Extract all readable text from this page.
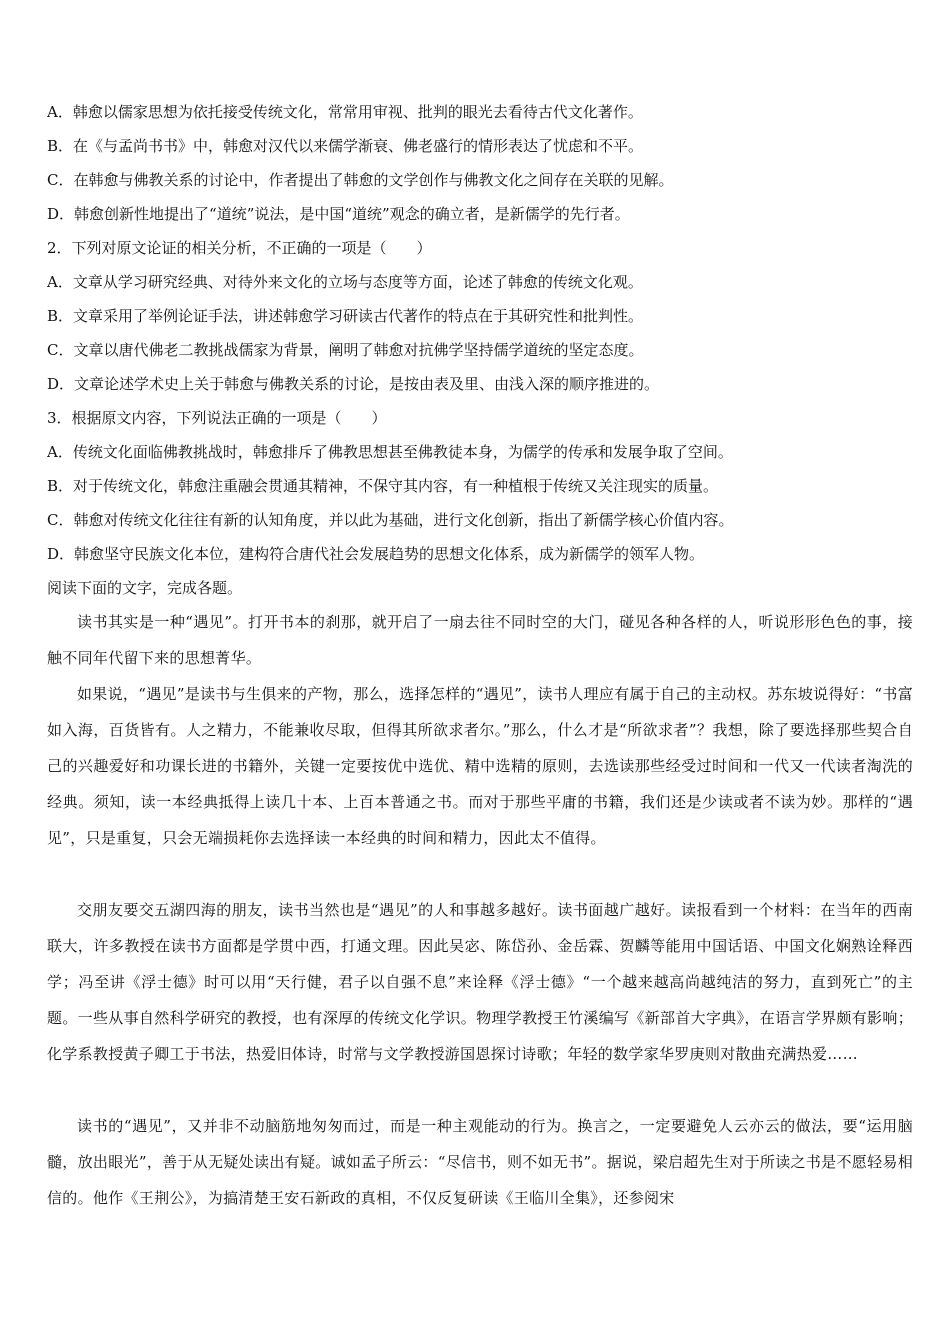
A．韩愈以儒家思想为依托接受传统文化，常常用审视、批判的眼光去看待古代文化著作。
B．在《与孟尚书书》中，韩愈对汉代以来儒学渐衰、佛老盛行的情形表达了忧虑和不平。
C．在韩愈与佛教关系的讨论中，作者提出了韩愈的文学创作与佛教文化之间存在关联的见解。
D．韩愈创新性地提出了“道统”说法，是中国“道统”观念的确立者，是新儒学的先行者。
2．下列对原文论证的相关分析，不正确的一项是（　　）
A．文章从学习研究经典、对待外来文化的立场与态度等方面，论述了韩愈的传统文化观。
B．文章采用了举例论证手法，讲述韩愈学习研读古代著作的特点在于其研究性和批判性。
C．文章以唐代佛老二教挑战儒家为背景，阐明了韩愈对抗佛学坚持儒学道统的坚定态度。
D．文章论述学术史上关于韩愈与佛教关系的讨论，是按由表及里、由浅入深的顺序推进的。
3．根据原文内容，下列说法正确的一项是（　　）
A．传统文化面临佛教挑战时，韩愈排斥了佛教思想甚至佛教徒本身，为儒学的传承和发展争取了空间。
B．对于传统文化，韩愈注重融会贯通其精神，不保守其内容，有一种植根于传统又关注现实的质量。
C．韩愈对传统文化往往有新的认知角度，并以此为基础，进行文化创新，指出了新儒学核心价值内容。
D．韩愈坚守民族文化本位，建构符合唐代社会发展趋势的思想文化体系，成为新儒学的领军人物。
阅读下面的文字，完成各题。
读书其实是一种“遇见”。打开书本的刹那，就开启了一扇去往不同时空的大门，碰见各种各样的人，听说形形色色的事，接触不同年代留下来的思想菁华。
如果说，“遇见”是读书与生俱来的产物，那么，选择怎样的“遇见”，读书人理应有属于自己的主动权。苏东坡说得好：“书富如入海，百货皆有。人之精力，不能兼收尽取，但得其所欲求者尔。”那么，什么才是“所欲求者”？我想，除了要选择那些契合自己的兴趣爱好和功课长进的书籍外，关键一定要按优中选优、精中选精的原则，去选读那些经受过时间和一代又一代读者淘洗的经典。须知，读一本经典抵得上读几十本、上百本普通之书。而对于那些平庸的书籍，我们还是少读或者不读为妙。那样的“遇见”，只是重复，只会无端损耗你去选择读一本经典的时间和精力，因此太不值得。
交朋友要交五湖四海的朋友，读书当然也是“遇见”的人和事越多越好。读书面越广越好。读报看到一个材料：在当年的西南联大，许多教授在读书方面都是学贯中西，打通文理。因此吴宓、陈岱孙、金岳霖、贺麟等能用中国话语、中国文化娴熟诠释西学；冯至讲《浮士德》时可以用“天行健，君子以自强不息”来诠释《浮士德》“一个越来越高尚越纯洁的努力，直到死亡”的主题。一些从事自然科学研究的教授，也有深厚的传统文化学识。物理学教授王竹溪编写《新部首大字典》，在语言学界颇有影响；化学系教授黄子卿工于书法，热爱旧体诗，时常与文学教授游国恩探讨诗歌；年轻的数学家华罗庚则对散曲充满热爱……
读书的“遇见”，又并非不动脑筋地匆匆而过，而是一种主观能动的行为。换言之，一定要避免人云亦云的做法，要“运用脑髓，放出眼光”，善于从无疑处读出有疑。诚如孟子所云：“尽信书，则不如无书”。据说，梁启超先生对于所读之书是不愿轻易相信的。他作《王荆公》，为搞清楚王安石新政的真相，不仅反复研读《王临川全集》，还参阅宋
